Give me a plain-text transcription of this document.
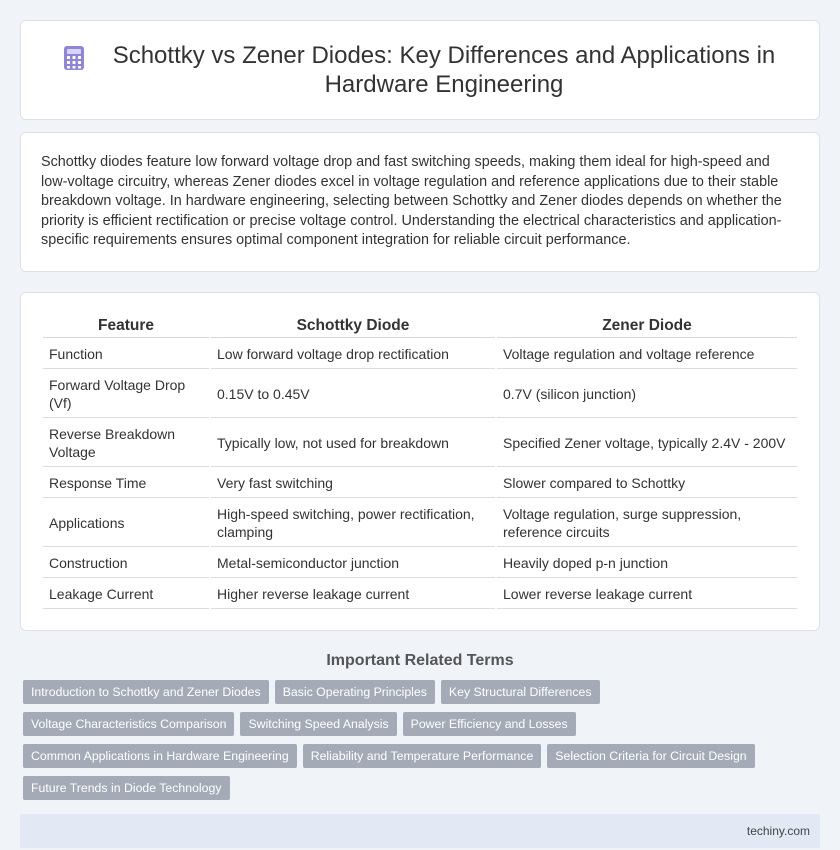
Schottky vs Zener Diodes: Key Differences and Applications in Hardware Engineering

Schottky diodes feature low forward voltage drop and fast switching speeds, making them ideal for high-speed and low-voltage circuitry, whereas Zener diodes excel in voltage regulation and reference applications due to their stable breakdown voltage. In hardware engineering, selecting between Schottky and Zener diodes depends on whether the priority is efficient rectification or precise voltage control. Understanding the electrical characteristics and application-specific requirements ensures optimal component integration for reliable circuit performance.

Feature	Schottky Diode	Zener Diode
Function	Low forward voltage drop rectification	Voltage regulation and voltage reference
Forward Voltage Drop (Vf)	0.15V to 0.45V	0.7V (silicon junction)
Reverse Breakdown Voltage	Typically low, not used for breakdown	Specified Zener voltage, typically 2.4V - 200V
Response Time	Very fast switching	Slower compared to Schottky
Applications	High-speed switching, power rectification, clamping	Voltage regulation, surge suppression, reference circuits
Construction	Metal-semiconductor junction	Heavily doped p-n junction
Leakage Current	Higher reverse leakage current	Lower reverse leakage current
Important Related Terms
Introduction to Schottky and Zener Diodes	Basic Operating Principles	Key Structural Differences
Voltage Characteristics Comparison	Switching Speed Analysis	Power Efficiency and Losses
Common Applications in Hardware Engineering	Reliability and Temperature Performance	Selection Criteria for Circuit Design
Future Trends in Diode Technology
techiny.com
